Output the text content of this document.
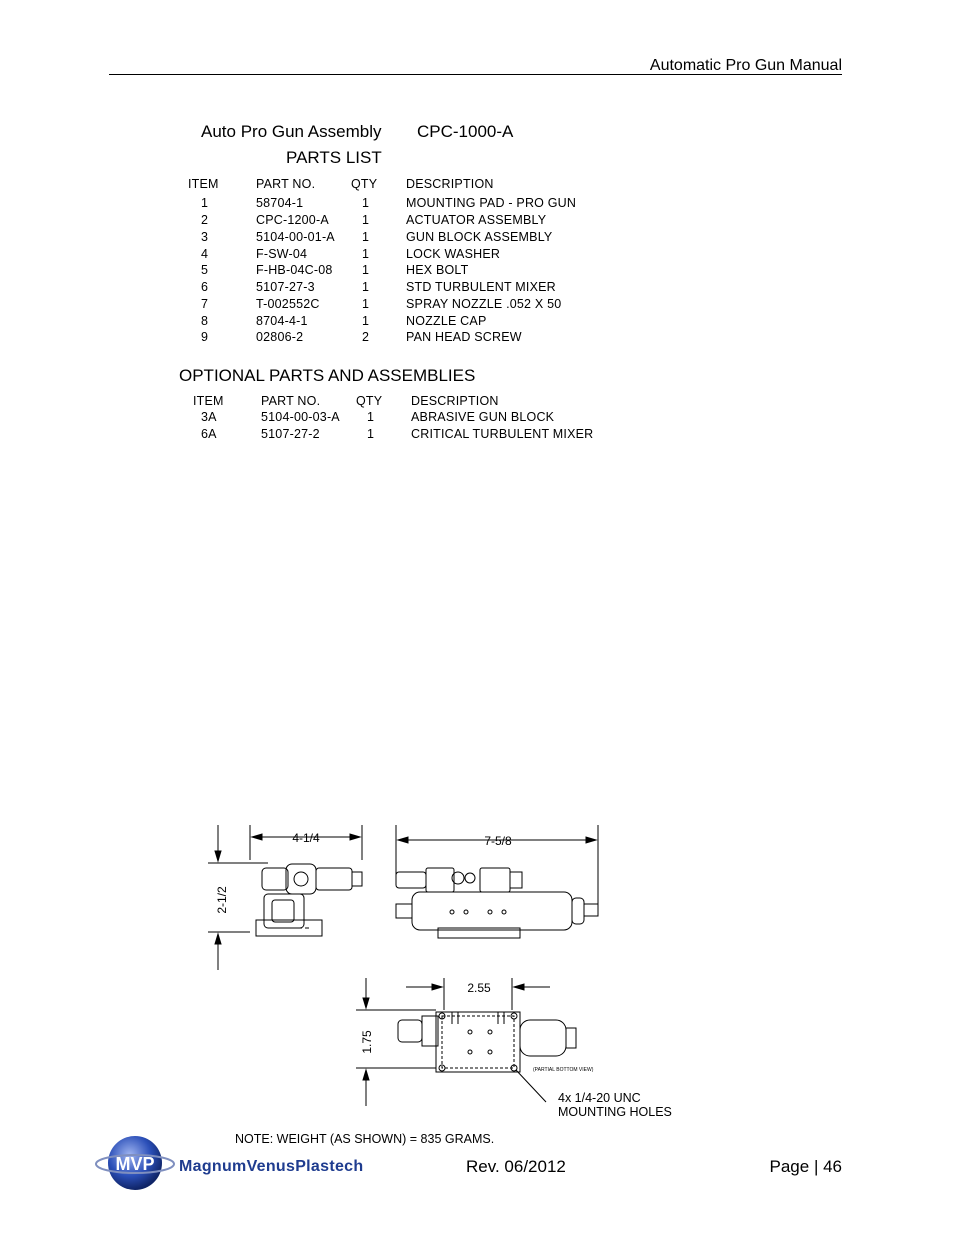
Automatic Pro Gun Manual
Auto Pro Gun Assembly CPC-1000-A
PARTS LIST
ITEM	PART NO.	QTY DESCRIPTION
1	58704-1	1	MOUNTING PAD - PRO GUN
2	CPC-1200-A	1	ACTUATOR ASSEMBLY
3	5104-00-01-A 1	GUN BLOCK ASSEMBLY
4	F-SW-04	1	LOCK WASHER
5	F-HB-04C-08 1	HEX BOLT
6	5107-27-3	1	STD TURBULENT MIXER
7	T-002552C	1	SPRAY NOZZLE .052 X 50
8	8704-4-1	1	NOZZLE CAP
9	02806-2	2	PAN HEAD SCREW
OPTIONAL PARTS AND ASSEMBLIES
ITEM	PART NO.	QTY DESCRIPTION
3A	5104-00-03-A 1	ABRASIVE GUN BLOCK
6A	5107-27-2	1	CRITICAL TURBULENT MIXER
4-1/4
2-1/2
7-5/8
2.55
1.75
(PARTIAL BOTTOM VIEW)
4x 1/4-20 UNC
MOUNTING HOLES
NOTE: WEIGHT (AS SHOWN) = 835 GRAMS.
MVP MagnumVenusPlastech	Rev. 06/2012	Page | 46
